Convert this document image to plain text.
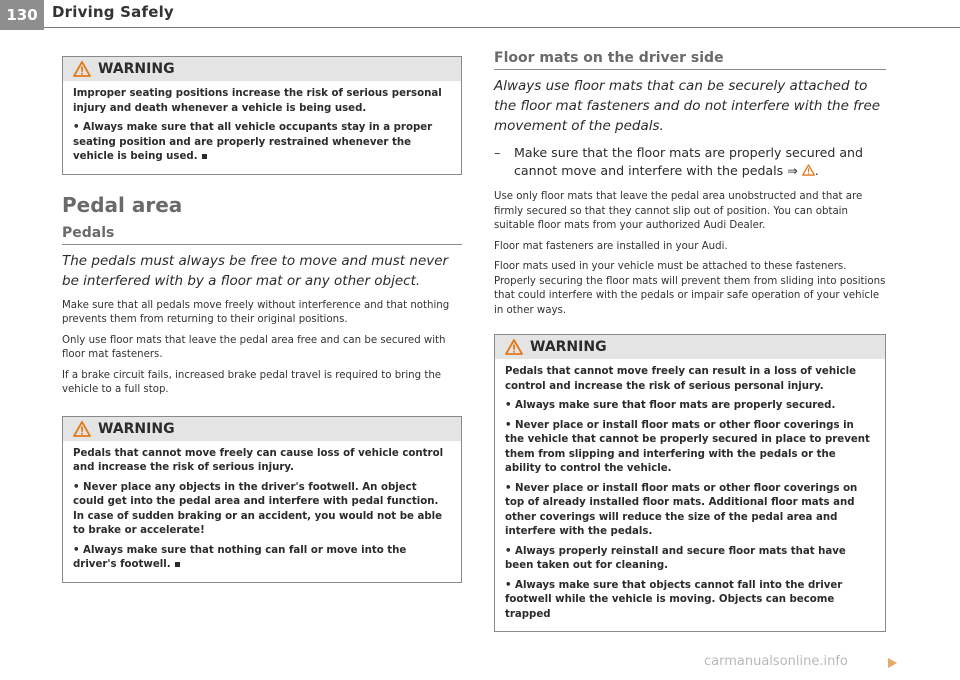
130 Driving Safely
WARNING

Improper seating positions increase the risk of serious personal injury and death whenever a vehicle is being used.

• Always make sure that all vehicle occupants stay in a proper seating position and are properly restrained whenever the vehicle is being used.

Pedal area
Pedals
The pedals must always be free to move and must never be interfered with by a floor mat or any other object.

Make sure that all pedals move freely without interference and that nothing prevents them from returning to their original positions.

Only use floor mats that leave the pedal area free and can be secured with floor mat fasteners.

If a brake circuit fails, increased brake pedal travel is required to bring the vehicle to a full stop.

WARNING

Pedals that cannot move freely can cause loss of vehicle control and increase the risk of serious injury.

• Never place any objects in the driver's footwell. An object could get into the pedal area and interfere with pedal function. In case of sudden braking or an accident, you would not be able to brake or accelerate!

• Always make sure that nothing can fall or move into the driver's footwell.

Floor mats on the driver side
Always use floor mats that can be securely attached to the floor mat fasteners and do not interfere with the free movement of the pedals.
–	Make sure that the floor mats are properly secured and cannot move and interfere with the pedals ⇒ .

Use only floor mats that leave the pedal area unobstructed and that are firmly secured so that they cannot slip out of position. You can obtain suitable floor mats from your authorized Audi Dealer.

Floor mat fasteners are installed in your Audi.

Floor mats used in your vehicle must be attached to these fasteners. Properly securing the floor mats will prevent them from sliding into positions that could interfere with the pedals or impair safe operation of your vehicle in other ways.

WARNING

Pedals that cannot move freely can result in a loss of vehicle control and increase the risk of serious personal injury.

• Always make sure that floor mats are properly secured.

• Never place or install floor mats or other floor coverings in the vehicle that cannot be properly secured in place to prevent them from slipping and interfering with the pedals or the ability to control the vehicle.

• Never place or install floor mats or other floor coverings on top of already installed floor mats. Additional floor mats and other coverings will reduce the size of the pedal area and interfere with the pedals.

• Always properly reinstall and secure floor mats that have been taken out for cleaning.

• Always make sure that objects cannot fall into the driver footwell while the vehicle is moving. Objects can become trapped

carmanualsonline.info
